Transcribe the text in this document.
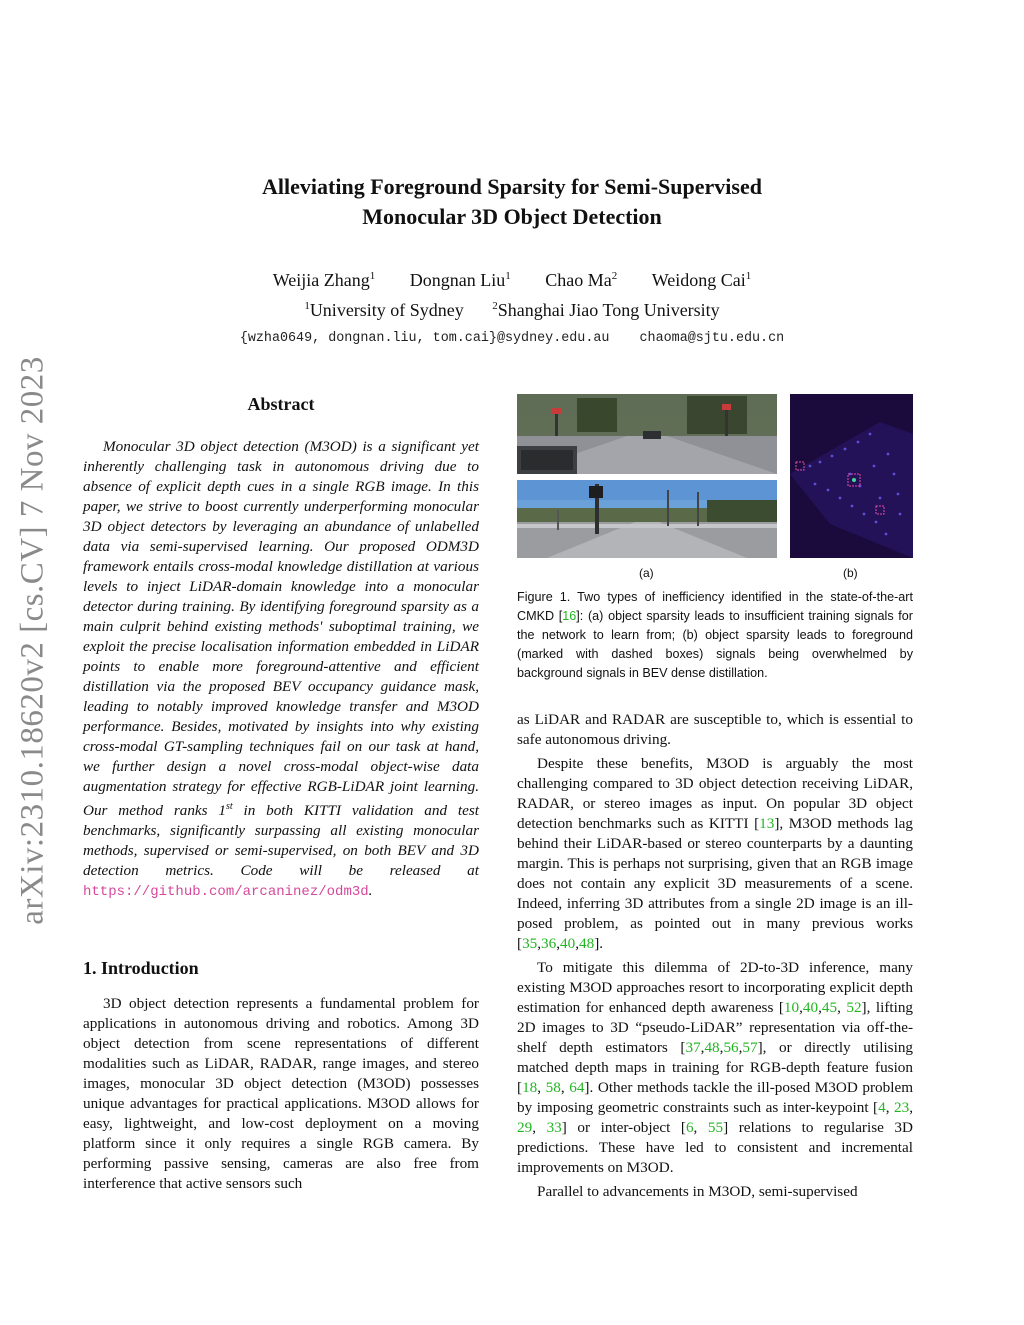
arXiv:2310.18620v2 [cs.CV] 7 Nov 2023
Alleviating Foreground Sparsity for Semi-Supervised
Monocular 3D Object Detection
Weijia Zhang$^1$ Dongnan Liu$^1$ Chao Ma$^2$ Weidong Cai$^1$
$^1$University of Sydney	$^2$Shanghai Jiao Tong University
{wzha0649, dongnan.liu, tom.cai}@sydney.edu.au chaoma@sjtu.edu.cn
Abstract
Monocular 3D object detection (M3OD) is a significant yet inherently challenging task in autonomous driving due to absence of explicit depth cues in a single RGB image. In this paper, we strive to boost currently underperforming monocular 3D object detectors by leveraging an abundance of unlabelled data via semi-supervised learning. Our proposed ODM3D framework entails cross-modal knowledge distillation at various levels to inject LiDAR-domain knowledge into a monocular detector during training. By identifying foreground sparsity as a main culprit behind existing methods' suboptimal training, we exploit the precise localisation information embedded in LiDAR points to enable more foreground-attentive and efficient distillation via the proposed BEV occupancy guidance mask, leading to notably improved knowledge transfer and M3OD performance. Besides, motivated by insights into why existing cross-modal GT-sampling techniques fail on our task at hand, we further design a novel cross-modal object-wise data augmentation strategy for effective RGB-LiDAR joint learning. Our method ranks 1st in both KITTI validation and test benchmarks, significantly surpassing all existing monocular methods, supervised or semi-supervised, on both BEV and 3D detection metrics. Code will be released at https://github.com/arcaninez/odm3d.
1. Introduction
3D object detection represents a fundamental problem for applications in autonomous driving and robotics. Among 3D object detection from scene representations of different modalities such as LiDAR, RADAR, range images, and stereo images, monocular 3D object detection (M3OD) possesses unique advantages for practical applications. M3OD allows for easy, lightweight, and low-cost deployment on a moving platform since it only requires a single RGB camera. By performing passive sensing, cameras are also free from interference that active sensors such
(a)	(b)
Figure 1. Two types of inefficiency identified in the state-of-the-art CMKD [16]: (a) object sparsity leads to insufficient training signals for the network to learn from; (b) object sparsity leads to foreground (marked with dashed boxes) signals being overwhelmed by background signals in BEV dense distillation.

as LiDAR and RADAR are susceptible to, which is essential to safe autonomous driving.

Despite these benefits, M3OD is arguably the most challenging compared to 3D object detection receiving LiDAR, RADAR, or stereo images as input. On popular 3D object detection benchmarks such as KITTI [13], M3OD methods lag behind their LiDAR-based or stereo counterparts by a daunting margin. This is perhaps not surprising, given that an RGB image does not contain any explicit 3D measurements of a scene. Indeed, inferring 3D attributes from a single 2D image is an ill-posed problem, as pointed out in many previous works [35,36,40,48].

To mitigate this dilemma of 2D-to-3D inference, many existing M3OD approaches resort to incorporating explicit depth estimation for enhanced depth awareness [10,40,45, 52], lifting 2D images to 3D “pseudo-LiDAR” representation via off-the-shelf depth estimators [37,48,56,57], or directly utilising matched depth maps in training for RGB-depth feature fusion [18, 58, 64]. Other methods tackle the ill-posed M3OD problem by imposing geometric constraints such as inter-keypoint [4, 23, 29, 33] or inter-object [6, 55] relations to regularise 3D predictions. These have led to consistent and incremental improvements on M3OD.

Parallel to advancements in M3OD, semi-supervised
